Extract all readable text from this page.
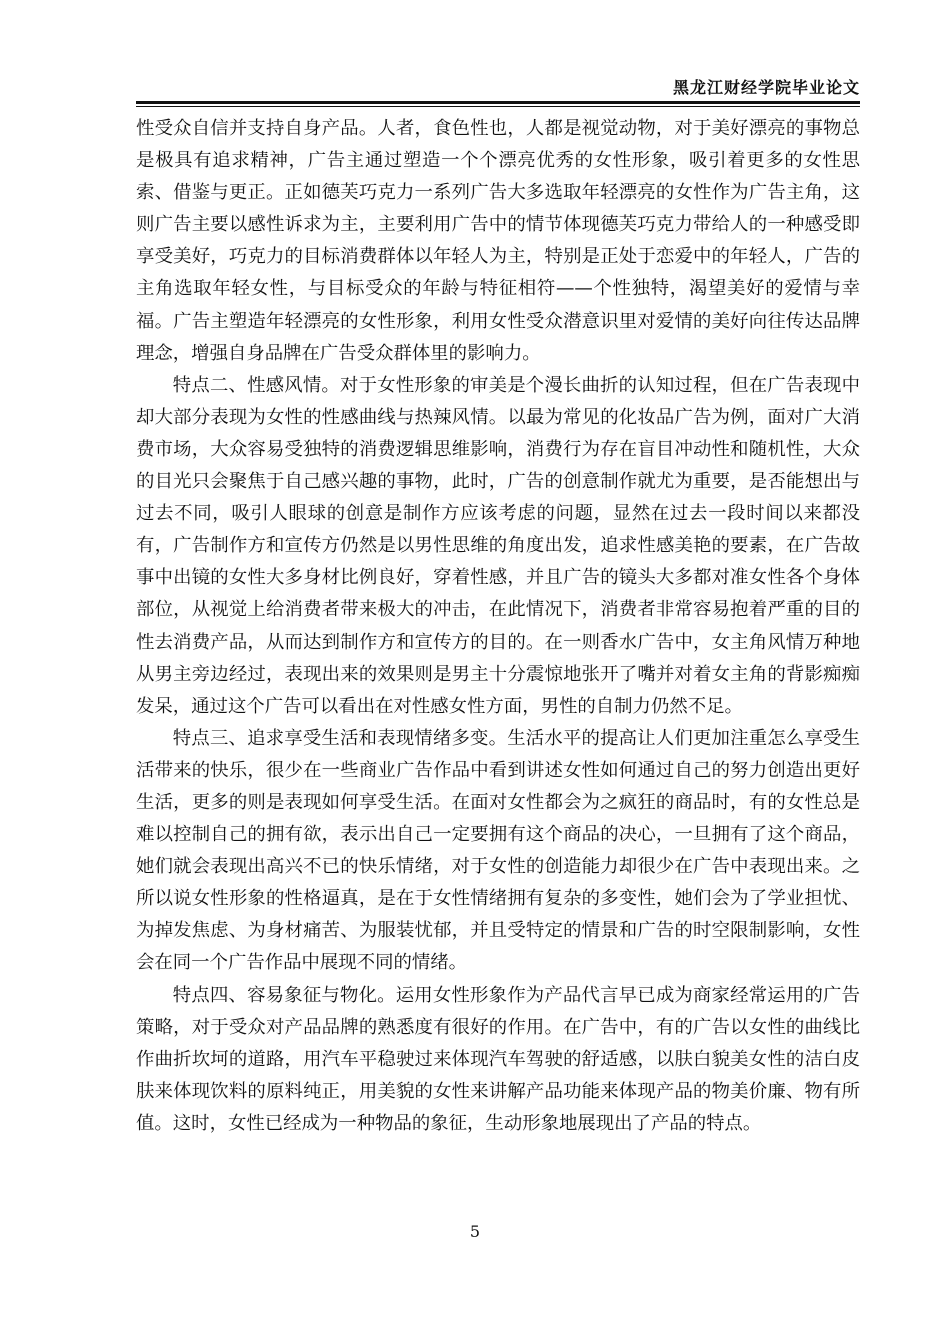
黑龙江财经学院毕业论文

性受众自信并支持自身产品。人者，食色性也，人都是视觉动物，对于美好漂亮的事物总是极具有追求精神，广告主通过塑造一个个漂亮优秀的女性形象，吸引着更多的女性思索、借鉴与更正。正如德芙巧克力一系列广告大多选取年轻漂亮的女性作为广告主角，这则广告主要以感性诉求为主，主要利用广告中的情节体现德芙巧克力带给人的一种感受即享受美好，巧克力的目标消费群体以年轻人为主，特别是正处于恋爱中的年轻人，广告的主角选取年轻女性，与目标受众的年龄与特征相符——个性独特，渴望美好的爱情与幸福。广告主塑造年轻漂亮的女性形象，利用女性受众潜意识里对爱情的美好向往传达品牌理念，增强自身品牌在广告受众群体里的影响力。

特点二、性感风情。对于女性形象的审美是个漫长曲折的认知过程，但在广告表现中却大部分表现为女性的性感曲线与热辣风情。以最为常见的化妆品广告为例，面对广大消费市场，大众容易受独特的消费逻辑思维影响，消费行为存在盲目冲动性和随机性，大众的目光只会聚焦于自己感兴趣的事物，此时，广告的创意制作就尤为重要，是否能想出与过去不同，吸引人眼球的创意是制作方应该考虑的问题，显然在过去一段时间以来都没有，广告制作方和宣传方仍然是以男性思维的角度出发，追求性感美艳的要素，在广告故事中出镜的女性大多身材比例良好，穿着性感，并且广告的镜头大多都对准女性各个身体部位，从视觉上给消费者带来极大的冲击，在此情况下，消费者非常容易抱着严重的目的性去消费产品，从而达到制作方和宣传方的目的。在一则香水广告中，女主角风情万种地从男主旁边经过，表现出来的效果则是男主十分震惊地张开了嘴并对着女主角的背影痴痴发呆，通过这个广告可以看出在对性感女性方面，男性的自制力仍然不足。

特点三、追求享受生活和表现情绪多变。生活水平的提高让人们更加注重怎么享受生活带来的快乐，很少在一些商业广告作品中看到讲述女性如何通过自己的努力创造出更好生活，更多的则是表现如何享受生活。在面对女性都会为之疯狂的商品时，有的女性总是难以控制自己的拥有欲，表示出自己一定要拥有这个商品的决心，一旦拥有了这个商品，她们就会表现出高兴不已的快乐情绪，对于女性的创造能力却很少在广告中表现出来。之所以说女性形象的性格逼真，是在于女性情绪拥有复杂的多变性，她们会为了学业担忧、为掉发焦虑、为身材痛苦、为服装忧郁，并且受特定的情景和广告的时空限制影响，女性会在同一个广告作品中展现不同的情绪。

特点四、容易象征与物化。运用女性形象作为产品代言早已成为商家经常运用的广告策略，对于受众对产品品牌的熟悉度有很好的作用。在广告中，有的广告以女性的曲线比作曲折坎坷的道路，用汽车平稳驶过来体现汽车驾驶的舒适感，以肤白貌美女性的洁白皮肤来体现饮料的原料纯正，用美貌的女性来讲解产品功能来体现产品的物美价廉、物有所值。这时，女性已经成为一种物品的象征，生动形象地展现出了产品的特点。

5
